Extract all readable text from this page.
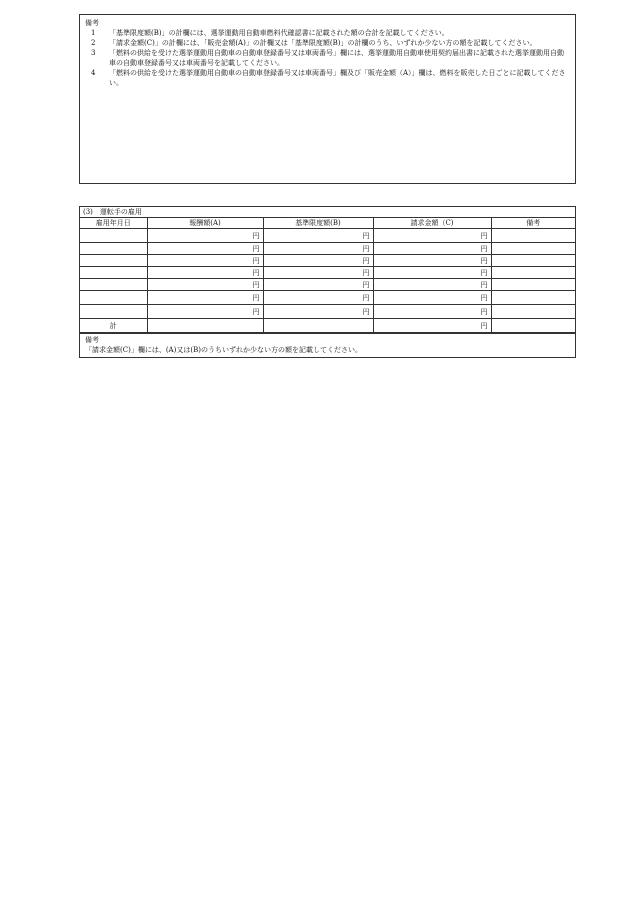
備考
1	「基準限度額(B)」の計欄には、選挙運動用自動車燃料代確認書に記載された額の合計を記載してください。
2	「請求金額(C)」の計欄には、「販売金額(A)」の計欄又は「基準限度額(B)」の計欄のうち、いずれか少ない方の額を記載してください。
3	「燃料の供給を受けた選挙運動用自動車の自動車登録番号又は車両番号」欄には、選挙運動用自動車使用契約届出書に記載された選挙運動用自動車の自動車登録番号又は車両番号を記載してください。
4	「燃料の供給を受けた選挙運動用自動車の自動車登録番号又は車両番号」欄及び「販売金額（A）」欄は、燃料を販売した日ごとに記載してください。
(3)　運転手の雇用
雇用年月日	報酬額(A)	基準限度額(B)	請求金額（C)	備考
	円	円	円	
	円	円	円	
	円	円	円	
	円	円	円	
	円	円	円	
	円	円	円	
	円	円	円	
計			円	
備考
「請求金額(C)」欄には、(A)又は(B)のうちいずれか少ない方の額を記載してください。
